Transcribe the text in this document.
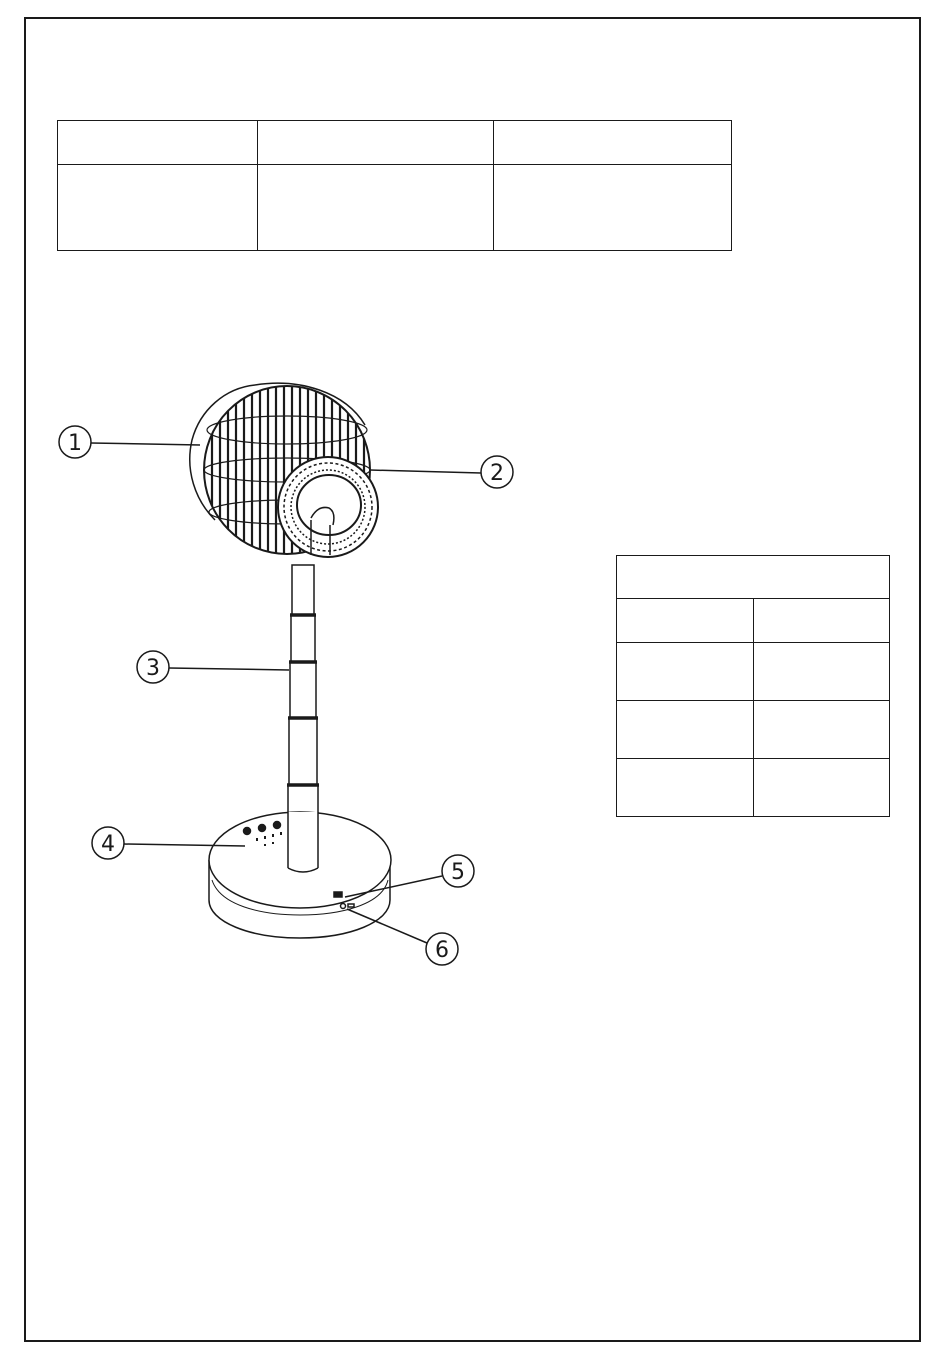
1
2
3
4
5
6
